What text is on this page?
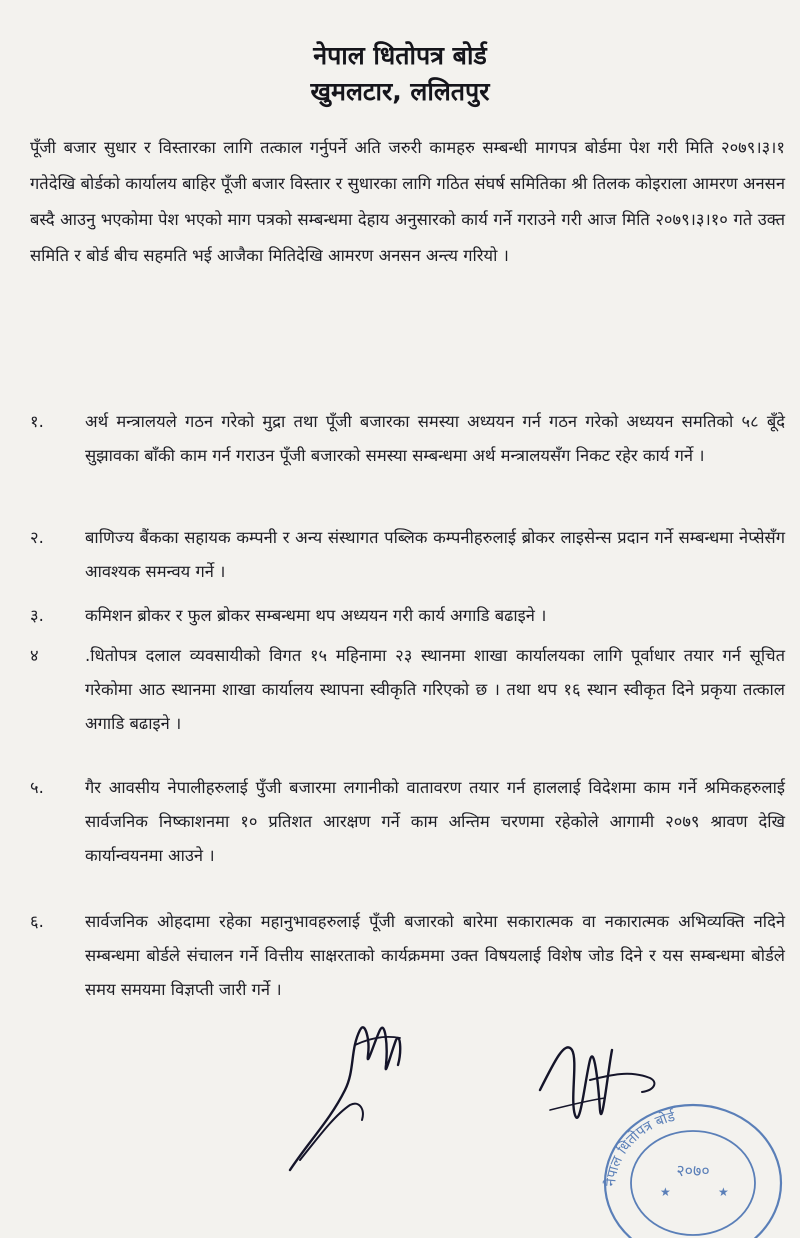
नेपाल धितोपत्र बोर्ड
खुमलटार, ललितपुर
पूँजी बजार सुधार र विस्तारका लागि तत्काल गर्नुपर्ने अति जरुरी कामहरु सम्बन्धी मागपत्र बोर्डमा पेश गरी मिति २०७९।३।१ गतेदेखि बोर्डको कार्यालय बाहिर पूँजी बजार विस्तार र सुधारका लागि गठित संघर्ष समितिका श्री तिलक कोइराला आमरण अनसन बस्दै आउनु भएकोमा पेश भएको माग पत्रको सम्बन्धमा देहाय अनुसारको कार्य गर्ने गराउने गरी आज मिति २०७९।३।१० गते उक्त समिति र बोर्ड बीच सहमति भई आजैका मितिदेखि आमरण अनसन अन्त्य गरियो ।
१. अर्थ मन्त्रालयले गठन गरेको मुद्रा तथा पूँजी बजारका समस्या अध्ययन गर्न गठन गरेको अध्ययन समतिको ५८ बूँदे सुझावका बाँकी काम गर्न गराउन पूँजी बजारको समस्या सम्बन्धमा अर्थ मन्त्रालयसँग निकट रहेर कार्य गर्ने ।
२. बाणिज्य बैंकका सहायक कम्पनी र अन्य संस्थागत पब्लिक कम्पनीहरुलाई ब्रोकर लाइसेन्स प्रदान गर्ने सम्बन्धमा नेप्सेसँग आवश्यक समन्वय गर्ने ।
३. कमिशन ब्रोकर र फुल ब्रोकर सम्बन्धमा थप अध्ययन गरी कार्य अगाडि बढाइने ।
४	.धितोपत्र दलाल व्यवसायीको विगत १५ महिनामा २३ स्थानमा शाखा कार्यालयका लागि पूर्वाधार तयार गर्न सूचित गरेकोमा आठ स्थानमा शाखा कार्यालय स्थापना स्वीकृति गरिएको छ । तथा थप १६ स्थान स्वीकृत दिने प्रकृया तत्काल अगाडि बढाइने ।
५. गैर आवसीय नेपालीहरुलाई पुँजी बजारमा लगानीको वातावरण तयार गर्न हाललाई विदेशमा काम गर्ने श्रमिकहरुलाई सार्वजनिक निष्काशनमा १० प्रतिशत आरक्षण गर्ने काम अन्तिम चरणमा रहेकोले आगामी २०७९ श्रावण देखि कार्यान्वयनमा आउने ।
६. सार्वजनिक ओहदामा रहेका महानुभावहरुलाई पूँजी बजारको बारेमा सकारात्मक वा नकारात्मक अभिव्यक्ति नदिने सम्बन्धमा बोर्डले संचालन गर्ने वित्तीय साक्षरताको कार्यक्रममा उक्त विषयलाई विशेष जोड दिने र यस सम्बन्धमा बोर्डले समय समयमा विज्ञप्ती जारी गर्ने ।
नेपाल धितोपत्र बोर्ड
२०७०
★	★
